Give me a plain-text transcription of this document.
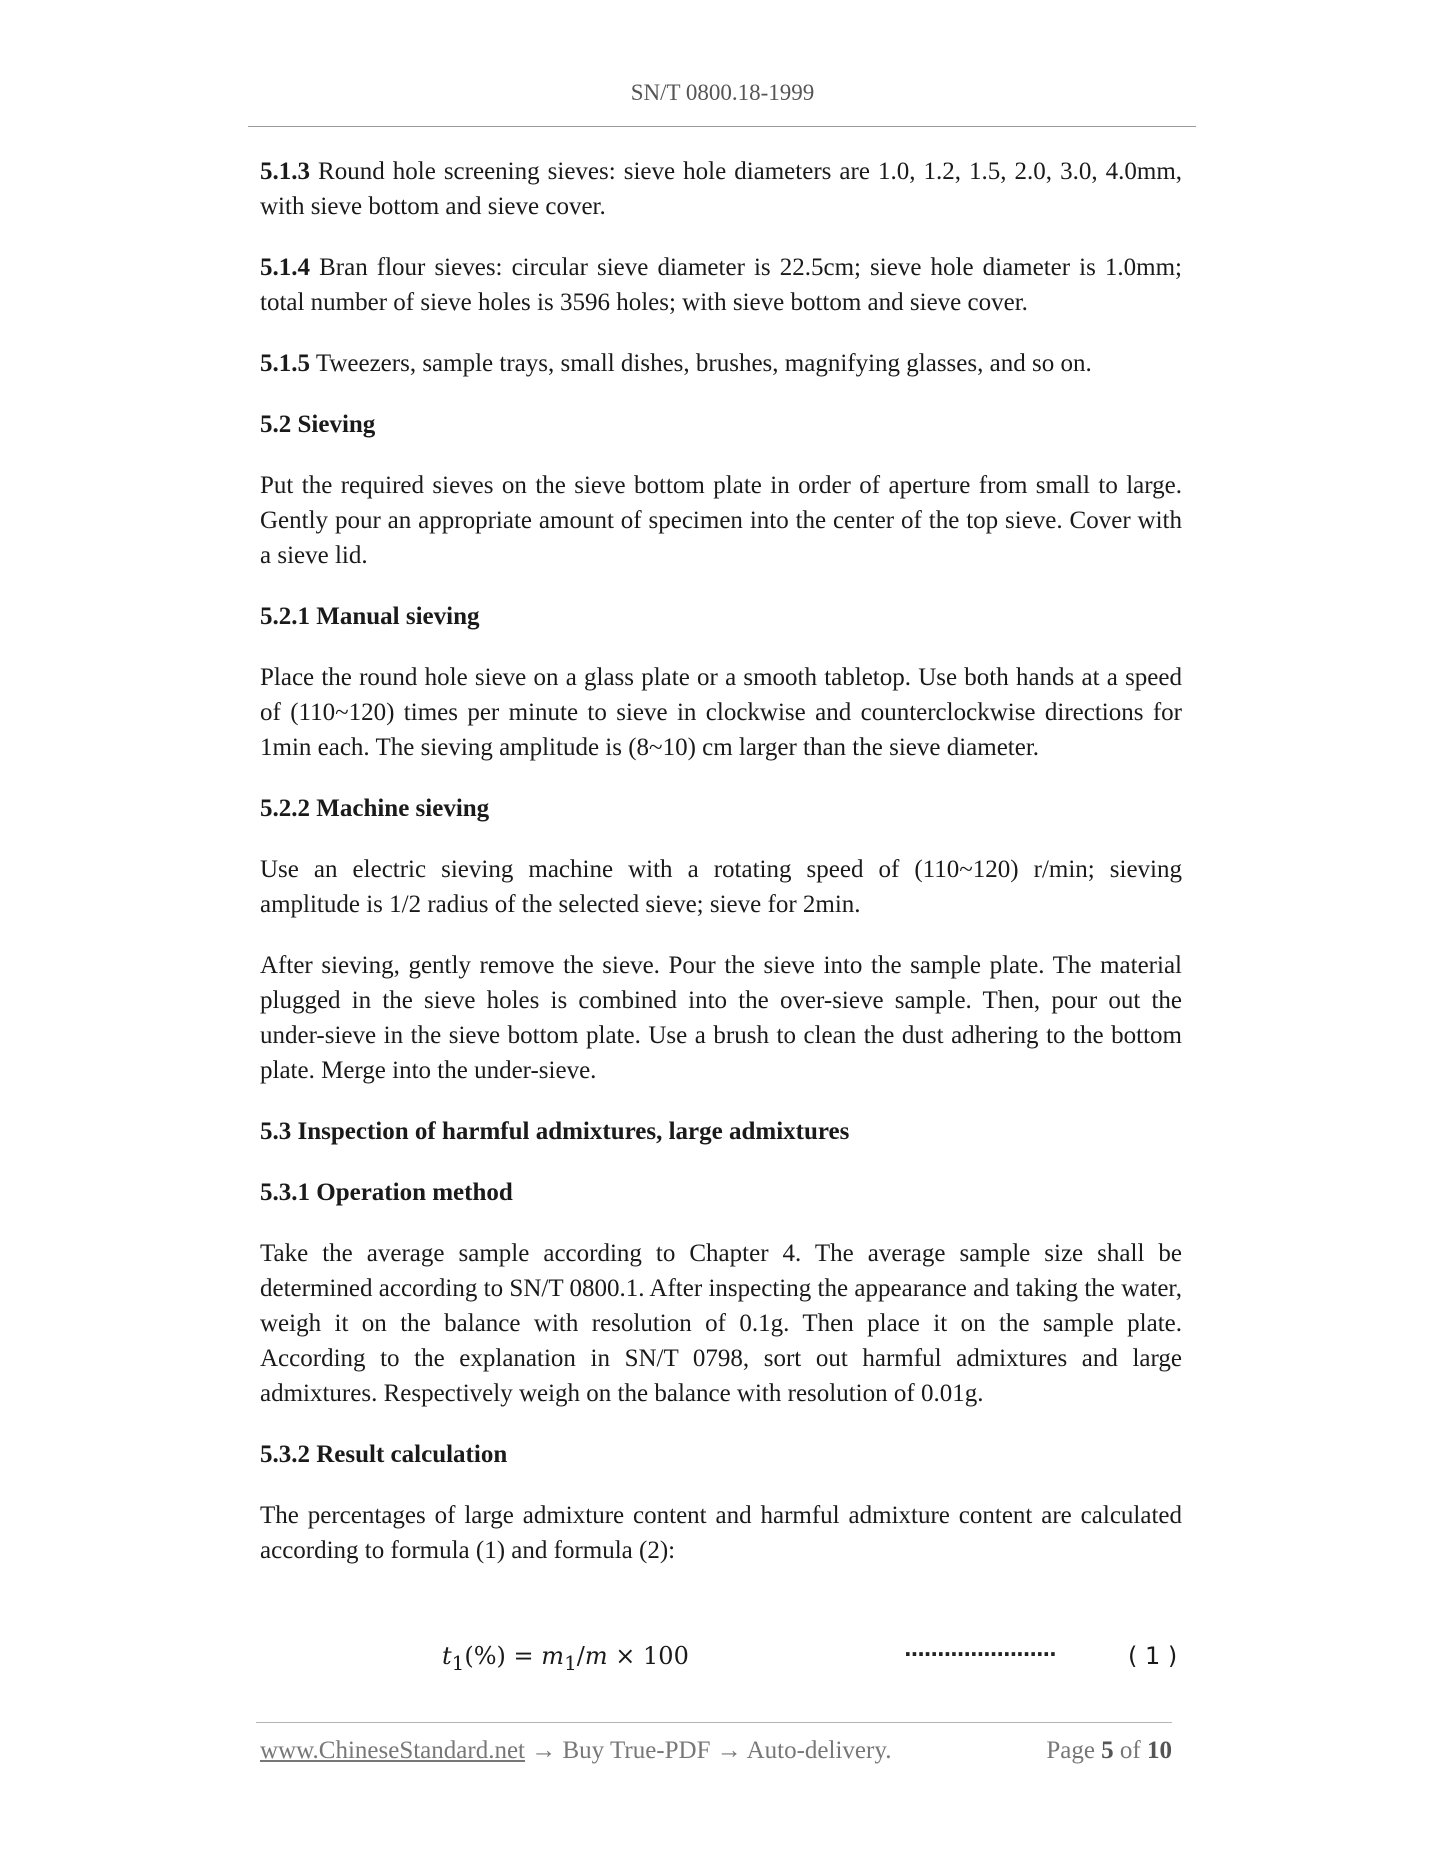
SN/T 0800.18-1999

5.1.3 Round hole screening sieves: sieve hole diameters are 1.0, 1.2, 1.5, 2.0, 3.0, 4.0mm, with sieve bottom and sieve cover.

5.1.4 Bran flour sieves: circular sieve diameter is 22.5cm; sieve hole diameter is 1.0mm; total number of sieve holes is 3596 holes; with sieve bottom and sieve cover.

5.1.5 Tweezers, sample trays, small dishes, brushes, magnifying glasses, and so on.

5.2 Sieving

Put the required sieves on the sieve bottom plate in order of aperture from small to large. Gently pour an appropriate amount of specimen into the center of the top sieve. Cover with a sieve lid.

5.2.1 Manual sieving

Place the round hole sieve on a glass plate or a smooth tabletop. Use both hands at a speed of (110~120) times per minute to sieve in clockwise and counterclockwise directions for 1min each. The sieving amplitude is (8~10) cm larger than the sieve diameter.

5.2.2 Machine sieving

Use an electric sieving machine with a rotating speed of (110~120) r/min; sieving amplitude is 1/2 radius of the selected sieve; sieve for 2min.

After sieving, gently remove the sieve. Pour the sieve into the sample plate. The material plugged in the sieve holes is combined into the over-sieve sample. Then, pour out the under-sieve in the sieve bottom plate. Use a brush to clean the dust adhering to the bottom plate. Merge into the under-sieve.

5.3 Inspection of harmful admixtures, large admixtures
5.3.1 Operation method

Take the average sample according to Chapter 4. The average sample size shall be determined according to SN/T 0800.1. After inspecting the appearance and taking the water, weigh it on the balance with resolution of 0.1g. Then place it on the sample plate. According to the explanation in SN/T 0798, sort out harmful admixtures and large admixtures. Respectively weigh on the balance with resolution of 0.01g.

5.3.2 Result calculation

The percentages of large admixture content and harmful admixture content are calculated according to formula (1) and formula (2):

$t_1(\%) = m_1/m \times 100$	·······················	( 1 )
www.ChineseStandard.net → Buy True-PDF → Auto-delivery.	Page 5 of 10
